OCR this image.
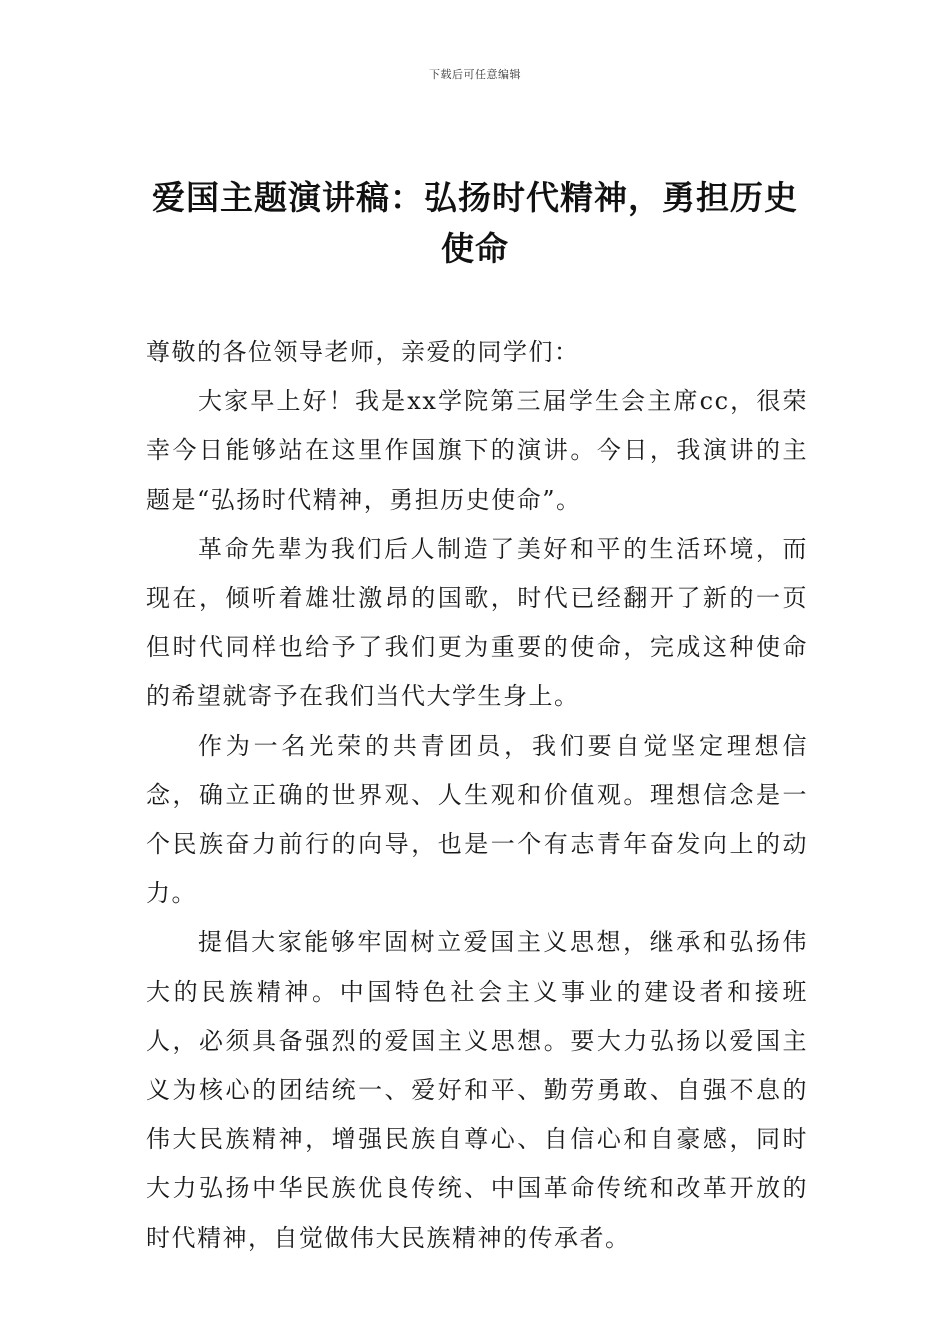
下载后可任意编辑
爱国主题演讲稿：弘扬时代精神，勇担历史使命

尊敬的各位领导老师，亲爱的同学们：

大家早上好！我是xx学院第三届学生会主席cc，很荣幸今日能够站在这里作国旗下的演讲。今日，我演讲的主题是“弘扬时代精神，勇担历史使命”。

革命先辈为我们后人制造了美好和平的生活环境，而现在，倾听着雄壮激昂的国歌，时代已经翻开了新的一页但时代同样也给予了我们更为重要的使命，完成这种使命的希望就寄予在我们当代大学生身上。

作为一名光荣的共青团员，我们要自觉坚定理想信念，确立正确的世界观、人生观和价值观。理想信念是一个民族奋力前行的向导，也是一个有志青年奋发向上的动力。

提倡大家能够牢固树立爱国主义思想，继承和弘扬伟大的民族精神。中国特色社会主义事业的建设者和接班人，必须具备强烈的爱国主义思想。要大力弘扬以爱国主义为核心的团结统一、爱好和平、勤劳勇敢、自强不息的伟大民族精神，增强民族自尊心、自信心和自豪感，同时大力弘扬中华民族优良传统、中国革命传统和改革开放的时代精神，自觉做伟大民族精神的传承者。
